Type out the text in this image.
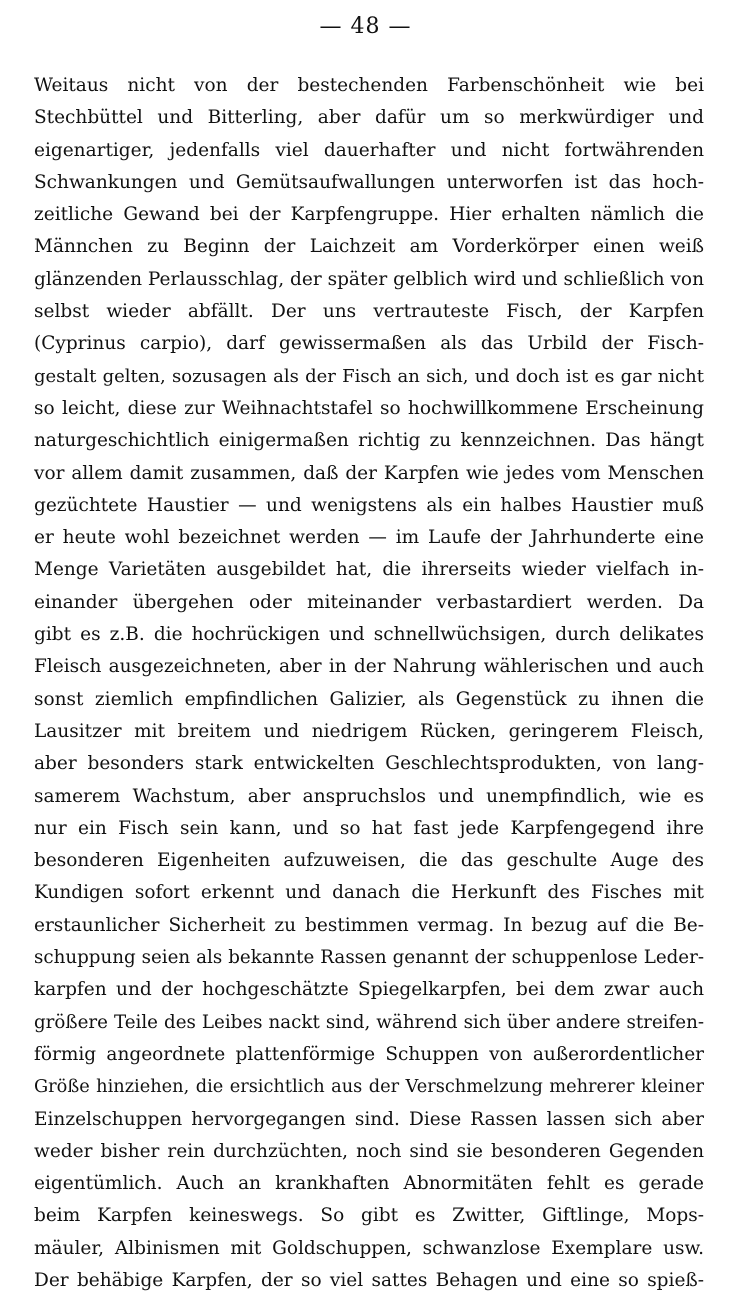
— 48 —
Weitaus nicht von der bestechenden Farbenschönheit wie bei
Stechbüttel und Bitterling, aber dafür um so merkwürdiger und
eigenartiger, jedenfalls viel dauerhafter und nicht fortwährenden
Schwankungen und Gemütsaufwallungen unterworfen ist das hoch-
zeitliche Gewand bei der Karpfengruppe. Hier erhalten nämlich die
Männchen zu Beginn der Laichzeit am Vorderkörper einen weiß
glänzenden Perlausschlag, der später gelblich wird und schließlich von
selbst wieder abfällt. Der uns vertrauteste Fisch, der Karpfen
(Cyprinus carpio), darf gewissermaßen als das Urbild der Fisch-
gestalt gelten, sozusagen als der Fisch an sich, und doch ist es gar nicht
so leicht, diese zur Weihnachtstafel so hochwillkommene Erscheinung
naturgeschichtlich einigermaßen richtig zu kennzeichnen. Das hängt
vor allem damit zusammen, daß der Karpfen wie jedes vom Menschen
gezüchtete Haustier — und wenigstens als ein halbes Haustier muß
er heute wohl bezeichnet werden — im Laufe der Jahrhunderte eine
Menge Varietäten ausgebildet hat, die ihrerseits wieder vielfach in-
einander übergehen oder miteinander verbastardiert werden. Da
gibt es z.B. die hochrückigen und schnellwüchsigen, durch delikates
Fleisch ausgezeichneten, aber in der Nahrung wählerischen und auch
sonst ziemlich empfindlichen Galizier, als Gegenstück zu ihnen die
Lausitzer mit breitem und niedrigem Rücken, geringerem Fleisch,
aber besonders stark entwickelten Geschlechtsprodukten, von lang-
samerem Wachstum, aber anspruchslos und unempfindlich, wie es
nur ein Fisch sein kann, und so hat fast jede Karpfengegend ihre
besonderen Eigenheiten aufzuweisen, die das geschulte Auge des
Kundigen sofort erkennt und danach die Herkunft des Fisches mit
erstaunlicher Sicherheit zu bestimmen vermag. In bezug auf die Be-
schuppung seien als bekannte Rassen genannt der schuppenlose Leder-
karpfen und der hochgeschätzte Spiegelkarpfen, bei dem zwar auch
größere Teile des Leibes nackt sind, während sich über andere streifen-
förmig angeordnete plattenförmige Schuppen von außerordentlicher
Größe hinziehen, die ersichtlich aus der Verschmelzung mehrerer kleiner
Einzelschuppen hervorgegangen sind. Diese Rassen lassen sich aber
weder bisher rein durchzüchten, noch sind sie besonderen Gegenden
eigentümlich. Auch an krankhaften Abnormitäten fehlt es gerade
beim Karpfen keineswegs. So gibt es Zwitter, Giftlinge, Mops-
mäuler, Albinismen mit Goldschuppen, schwanzlose Exemplare usw.
Der behäbige Karpfen, der so viel sattes Behagen und eine so spieß-
